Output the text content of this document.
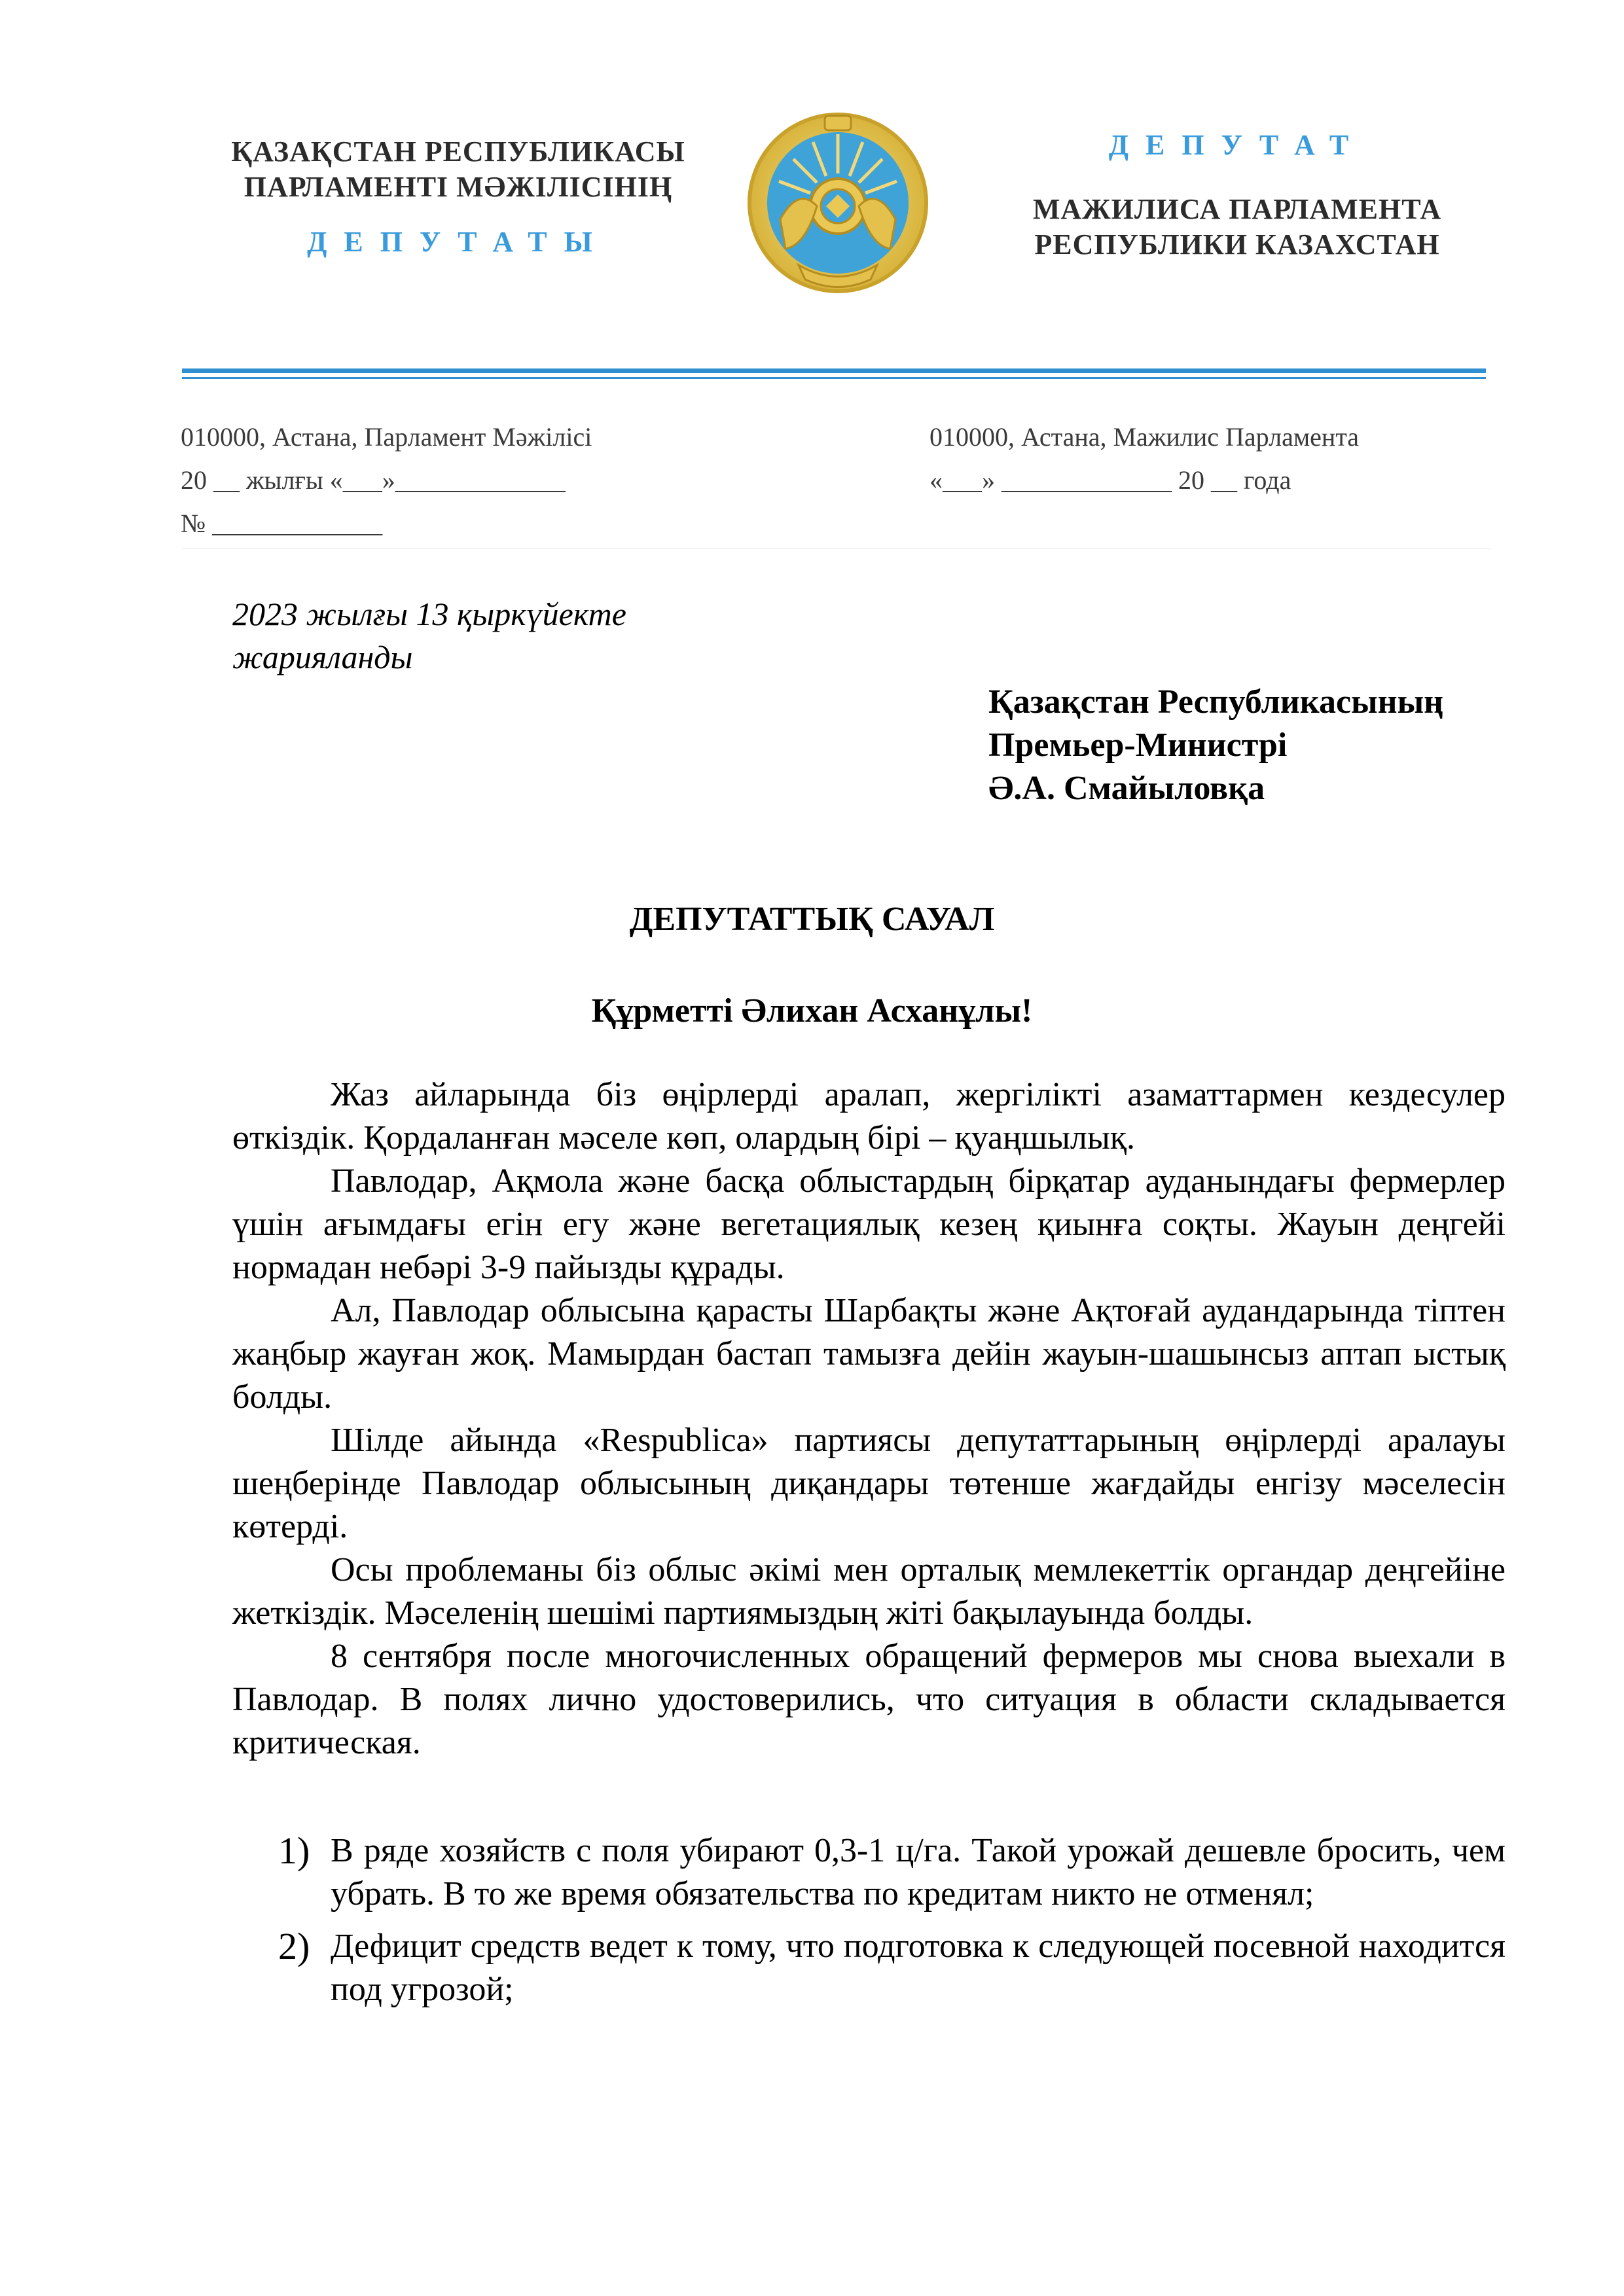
ҚАЗАҚСТАН РЕСПУБЛИКАСЫ
ПАРЛАМЕНТІ МӘЖІЛІСІНІҢ
ДЕПУТАТЫ
ДЕПУТАТ
МАЖИЛИСА ПАРЛАМЕНТА
РЕСПУБЛИКИ КАЗАХСТАН
010000, Астана, Парламент Мәжілісі
20 __ жылғы «___»_____________
№ _____________
010000, Астана, Мажилис Парламента
«___» _____________ 20 __ года
2023 жылғы 13 қыркүйекте
жарияланды
Қазақстан Республикасының
Премьер-Министрі
Ә.А. Смайыловқа
ДЕПУТАТТЫҚ САУАЛ
Құрметті Әлихан Асханұлы!

Жаз айларында біз өңірлерді аралап, жергілікті азаматтармен кездесулер өткіздік. Қордаланған мәселе көп, олардың бірі – қуаңшылық.

Павлодар, Ақмола және басқа облыстардың бірқатар ауданындағы фермерлер үшін ағымдағы егін егу және вегетациялық кезең қиынға соқты. Жауын деңгейі нормадан небәрі 3-9 пайызды құрады.

Ал, Павлодар облысына қарасты Шарбақты және Ақтоғай аудандарында тіптен жаңбыр жауған жоқ. Мамырдан бастап тамызға дейін жауын-шашынсыз аптап ыстық болды.

Шілде айында «Respublica» партиясы депутаттарының өңірлерді аралауы шеңберінде Павлодар облысының диқандары төтенше жағдайды енгізу мәселесін көтерді.

Осы проблеманы біз облыс әкімі мен орталық мемлекеттік органдар деңгейіне жеткіздік. Мәселенің шешімі партиямыздың жіті бақылауында болды.

8 сентября после многочисленных обращений фермеров мы снова выехали в Павлодар. В полях лично удостоверились, что ситуация в области складывается критическая.

1) В ряде хозяйств с поля убирают 0,3-1 ц/га. Такой урожай дешевле бросить, чем убрать. В то же время обязательства по кредитам никто не отменял;
2) Дефицит средств ведет к тому, что подготовка к следующей посевной находится под угрозой;
